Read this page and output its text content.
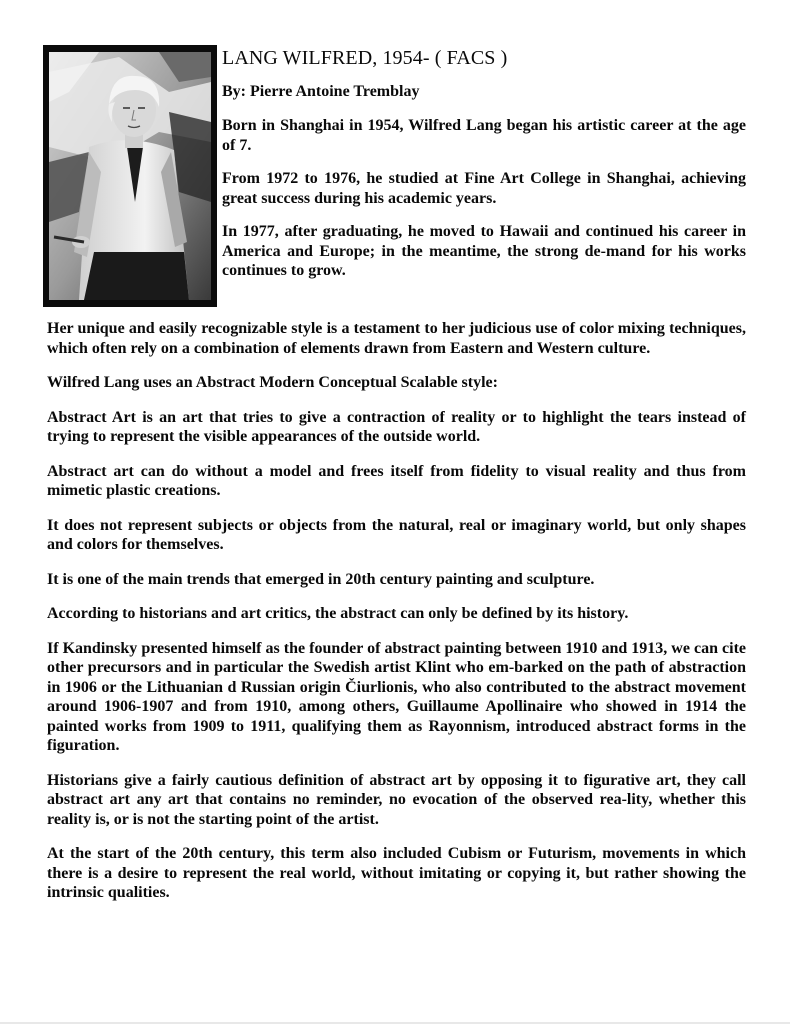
LANG WILFRED, 1954- ( FACS )
By: Pierre Antoine Tremblay

Born in Shanghai in 1954, Wilfred Lang began his artistic career at the age of 7.

From 1972 to 1976, he studied at Fine Art College in Shanghai, achieving great success during his academic years.

In 1977, after graduating, he moved to Hawaii and continued his career in America and Europe; in the meantime, the strong de-mand for his works continues to grow.

Her unique and easily recognizable style is a testament to her judicious use of color mixing techniques, which often rely on a combination of elements drawn from Eastern and Western culture.

Wilfred Lang uses an Abstract Modern Conceptual Scalable style:

Abstract Art is an art that tries to give a contraction of reality or to highlight the tears instead of trying to represent the visible appearances of the outside world.

Abstract art can do without a model and frees itself from fidelity to visual reality and thus from mimetic plastic creations.

It does not represent subjects or objects from the natural, real or imaginary world, but only shapes and colors for themselves.

It is one of the main trends that emerged in 20th century painting and sculpture.

According to historians and art critics, the abstract can only be defined by its history.

If Kandinsky presented himself as the founder of abstract painting between 1910 and 1913, we can cite other precursors and in particular the Swedish artist Klint who em-barked on the path of abstraction in 1906 or the Lithuanian d Russian origin Čiurlionis, who also contributed to the abstract movement around 1906-1907 and from 1910, among others, Guillaume Apollinaire who showed in 1914 the painted works from 1909 to 1911, qualifying them as Rayonnism, introduced abstract forms in the figuration.

Historians give a fairly cautious definition of abstract art by opposing it to figurative art, they call abstract art any art that contains no reminder, no evocation of the observed rea-lity, whether this reality is, or is not the starting point of the artist.

At the start of the 20th century, this term also included Cubism or Futurism, movements in which there is a desire to represent the real world, without imitating or copying it, but rather showing the intrinsic qualities.
